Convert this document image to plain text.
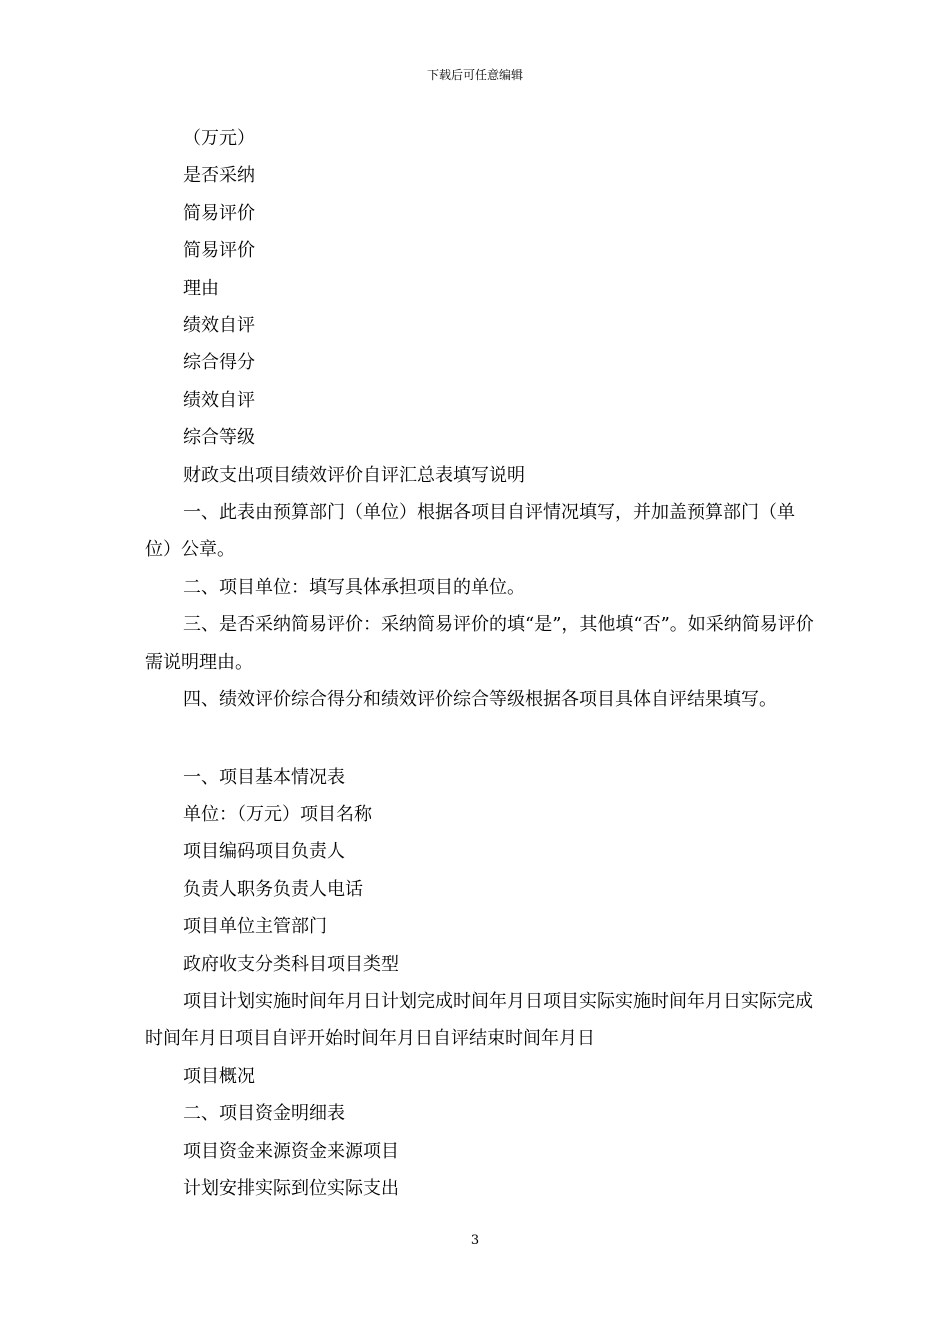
下载后可任意编辑
（万元）
是否采纳
简易评价
简易评价
理由
绩效自评
综合得分
绩效自评
综合等级
财政支出项目绩效评价自评汇总表填写说明
一、此表由预算部门（单位）根据各项目自评情况填写，并加盖预算部门（单位）公章。
二、项目单位：填写具体承担项目的单位。
三、是否采纳简易评价：采纳简易评价的填“是”，其他填“否”。如采纳简易评价需说明理由。
四、绩效评价综合得分和绩效评价综合等级根据各项目具体自评结果填写。
一、项目基本情况表
单位：（万元）项目名称
项目编码项目负责人
负责人职务负责人电话
项目单位主管部门
政府收支分类科目项目类型
项目计划实施时间年月日计划完成时间年月日项目实际实施时间年月日实际完成时间年月日项目自评开始时间年月日自评结束时间年月日
项目概况
二、项目资金明细表
项目资金来源资金来源项目
计划安排实际到位实际支出
3
